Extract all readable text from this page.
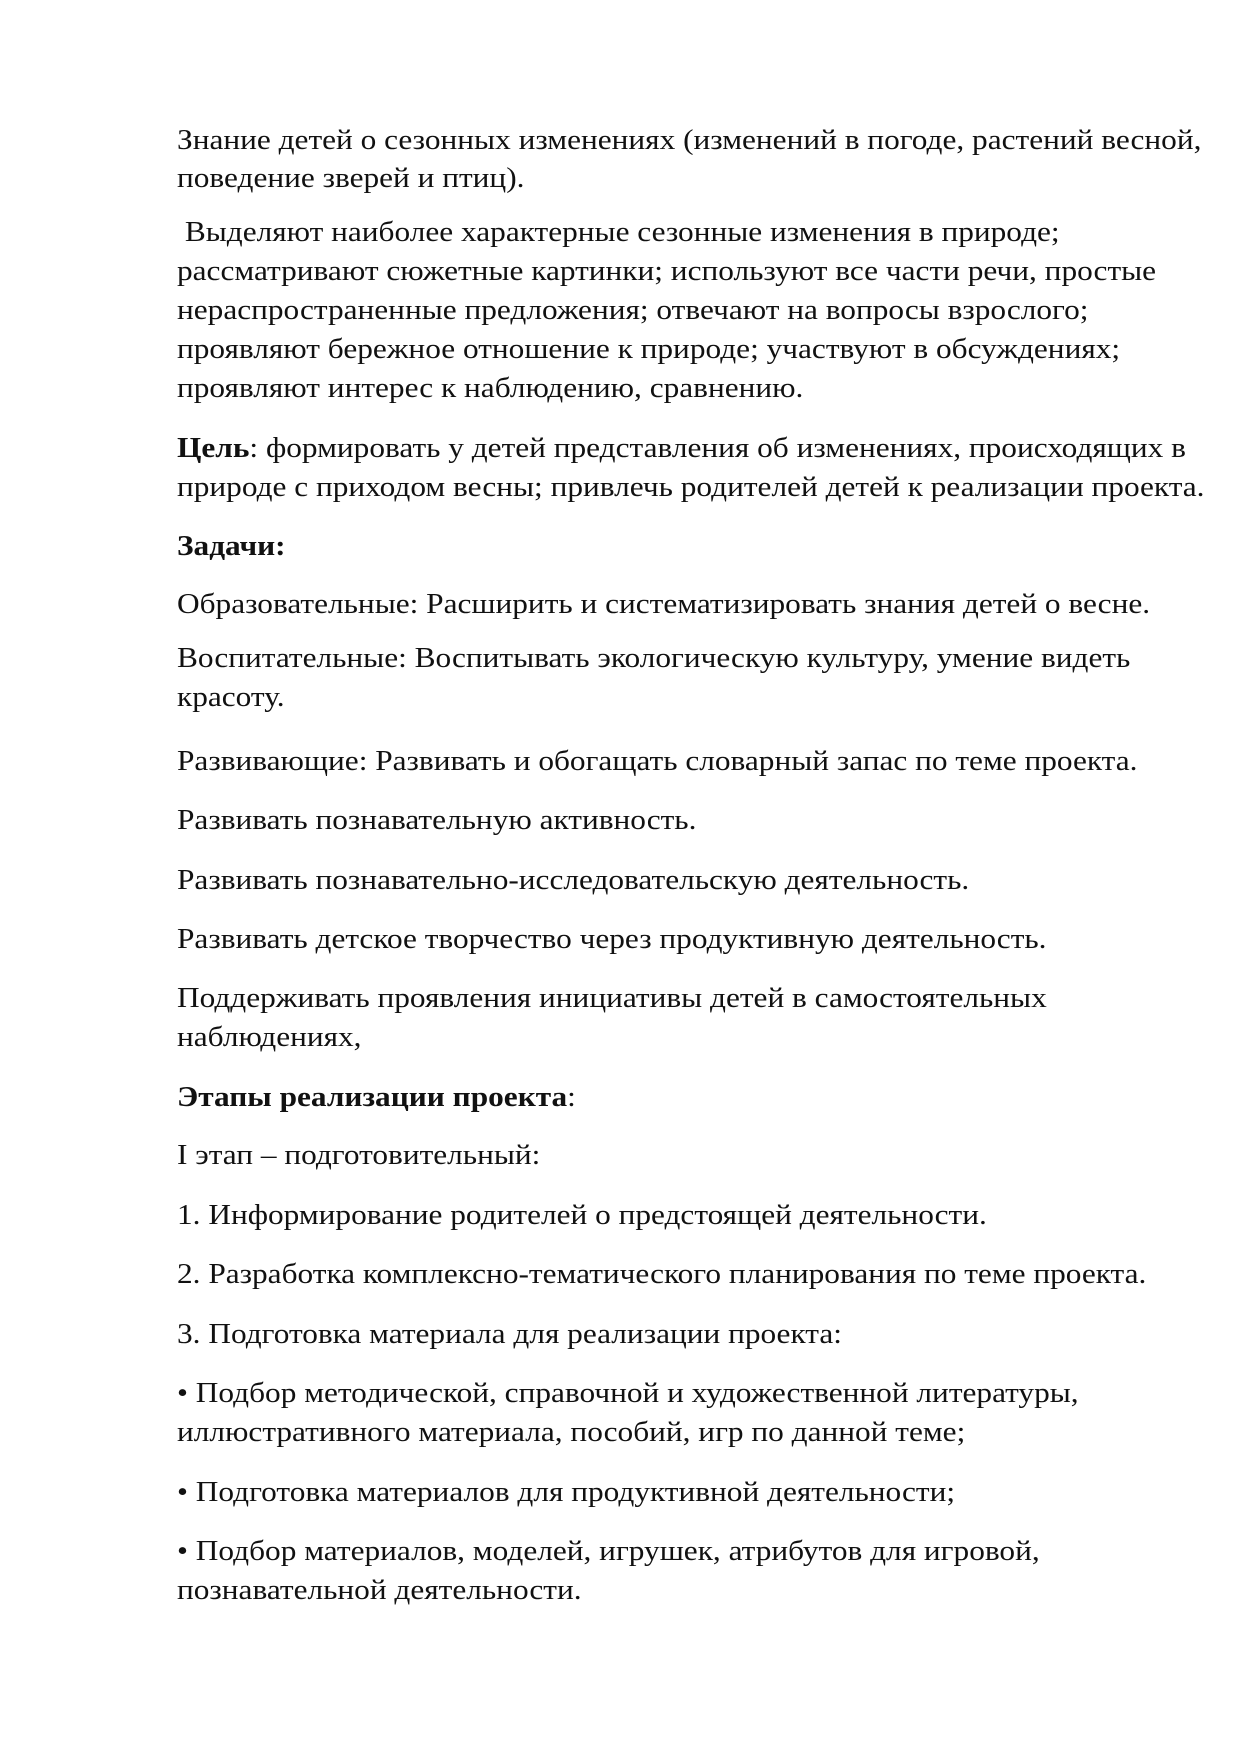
Знание детей о сезонных изменениях (изменений в погоде, растений весной,
поведение зверей и птиц).
Выделяют наиболее характерные сезонные изменения в природе;
рассматривают сюжетные картинки; используют все части речи, простые
нераспространенные предложения; отвечают на вопросы взрослого;
проявляют бережное отношение к природе; участвуют в обсуждениях;
проявляют интерес к наблюдению, сравнению.
Цель: формировать у детей представления об изменениях, происходящих в
природе с приходом весны; привлечь родителей детей к реализации проекта.
Задачи:
Образовательные: Расширить и систематизировать знания детей о весне.
Воспитательные: Воспитывать экологическую культуру, умение видеть
красоту.
Развивающие: Развивать и обогащать словарный запас по теме проекта.
Развивать познавательную активность.
Развивать познавательно-исследовательскую деятельность.
Развивать детское творчество через продуктивную деятельность.
Поддерживать проявления инициативы детей в самостоятельных
наблюдениях,
Этапы реализации проекта:
I этап – подготовительный:
1. Информирование родителей о предстоящей деятельности.
2. Разработка комплексно-тематического планирования по теме проекта.
3. Подготовка материала для реализации проекта:
• Подбор методической, справочной и художественной литературы,
иллюстративного материала, пособий, игр по данной теме;
• Подготовка материалов для продуктивной деятельности;
• Подбор материалов, моделей, игрушек, атрибутов для игровой,
познавательной деятельности.
